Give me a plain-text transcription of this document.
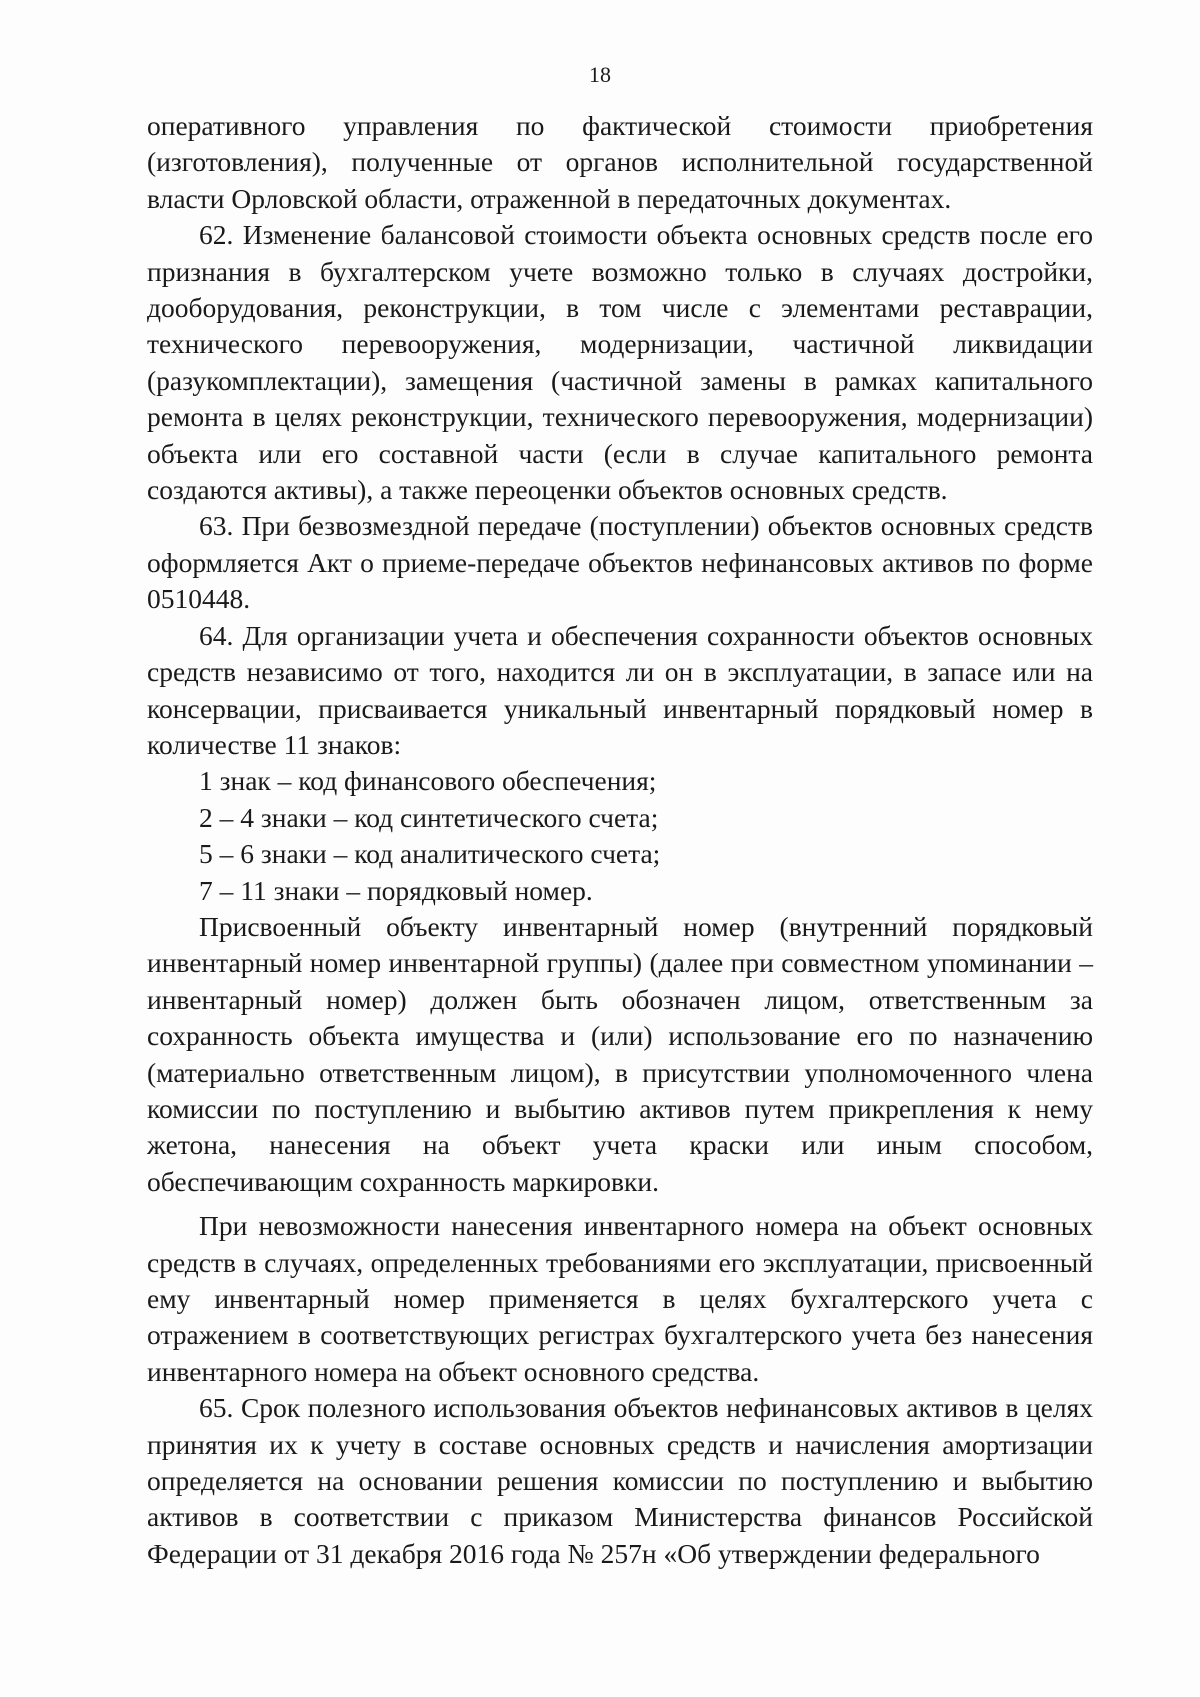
18

оперативного управления по фактической стоимости приобретения (изготовления), полученные от органов исполнительной государственной власти Орловской области, отраженной в передаточных документах.

62. Изменение балансовой стоимости объекта основных средств после его признания в бухгалтерском учете возможно только в случаях достройки, дооборудования, реконструкции, в том числе с элементами реставрации, технического перевооружения, модернизации, частичной ликвидации (разукомплектации), замещения (частичной замены в рамках капитального ремонта в целях реконструкции, технического перевооружения, модернизации) объекта или его составной части (если в случае капитального ремонта создаются активы), а также переоценки объектов основных средств.

63. При безвозмездной передаче (поступлении) объектов основных средств оформляется Акт о приеме-передаче объектов нефинансовых активов по форме 0510448.

64. Для организации учета и обеспечения сохранности объектов основных средств независимо от того, находится ли он в эксплуатации, в запасе или на консервации, присваивается уникальный инвентарный порядковый номер в количестве 11 знаков:

1 знак – код финансового обеспечения;

2 – 4 знаки – код синтетического счета;

5 – 6 знаки – код аналитического счета;

7 – 11 знаки – порядковый номер.

Присвоенный объекту инвентарный номер (внутренний порядковый инвентарный номер инвентарной группы) (далее при совместном упоминании – инвентарный номер) должен быть обозначен лицом, ответственным за сохранность объекта имущества и (или) использование его по назначению (материально ответственным лицом), в присутствии уполномоченного члена комиссии по поступлению и выбытию активов путем прикрепления к нему жетона, нанесения на объект учета краски или иным способом, обеспечивающим сохранность маркировки.

При невозможности нанесения инвентарного номера на объект основных средств в случаях, определенных требованиями его эксплуатации, присвоенный ему инвентарный номер применяется в целях бухгалтерского учета с отражением в соответствующих регистрах бухгалтерского учета без нанесения инвентарного номера на объект основного средства.

65. Срок полезного использования объектов нефинансовых активов в целях принятия их к учету в составе основных средств и начисления амортизации определяется на основании решения комиссии по поступлению и выбытию активов в соответствии с приказом Министерства финансов Российской Федерации от 31 декабря 2016 года № 257н «Об утверждении федерального
